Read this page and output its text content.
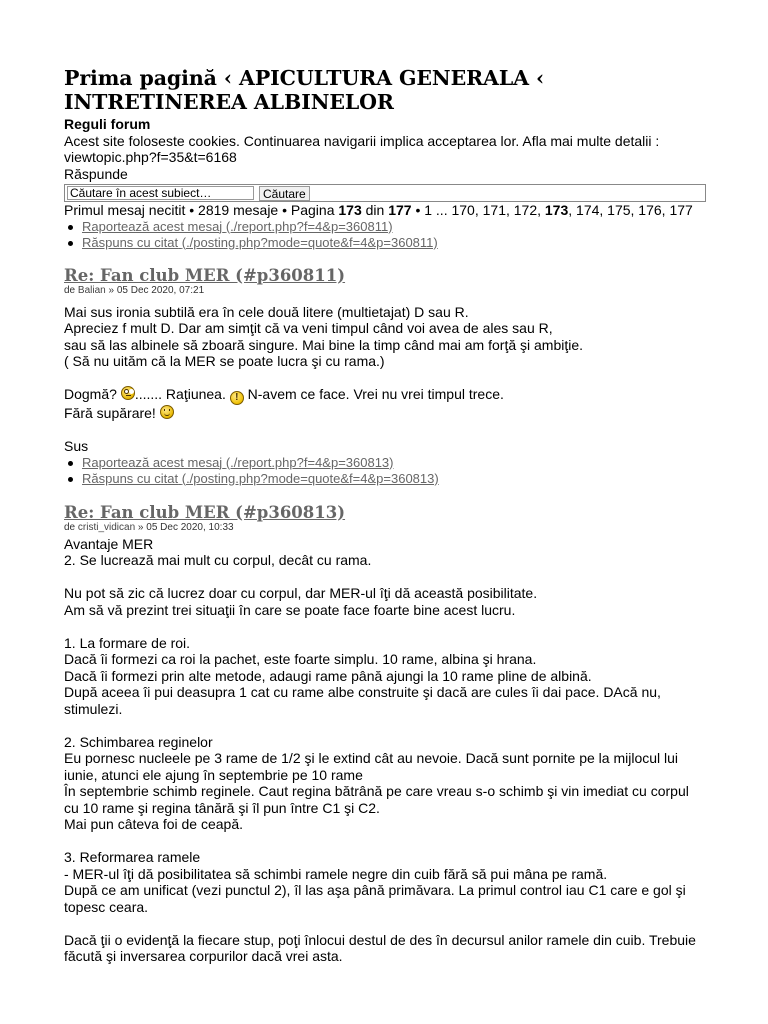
Prima pagină ‹ APICULTURA GENERALA ‹ INTRETINEREA ALBINELOR
Reguli forum
Acest site foloseste cookies. Continuarea navigarii implica acceptarea lor. Afla mai multe detalii : viewtopic.php?f=35&t=6168
Răspunde
Căutare în acest subiect…
Căutare
Primul mesaj necitit • 2819 mesaje • Pagina 173 din 177 • 1 ... 170, 171, 172, 173, 174, 175, 176, 177
Raportează acest mesaj (./report.php?f=4&p=360811)
Răspuns cu citat (./posting.php?mode=quote&f=4&p=360811)
Re: Fan club MER (#p360811)
de Balian » 05 Dec 2020, 07:21
Mai sus ironia subtilă era în cele două litere (multietajat) D sau R.
Apreciez f mult D. Dar am simţit că va veni timpul când voi avea de ales sau R,
sau să las albinele să zboară singure. Mai bine la timp când mai am forţă şi ambiţie.
( Să nu uităm că la MER se poate lucra şi cu rama.)
Dogmă? ....... Raţiunea. ! N-avem ce face. Vrei nu vrei timpul trece.
Fără supărare!
Sus
Raportează acest mesaj (./report.php?f=4&p=360813)
Răspuns cu citat (./posting.php?mode=quote&f=4&p=360813)
Re: Fan club MER (#p360813)
de cristi_vidican » 05 Dec 2020, 10:33
Avantaje MER
2. Se lucrează mai mult cu corpul, decât cu rama.
Nu pot să zic că lucrez doar cu corpul, dar MER-ul îţi dă această posibilitate.
Am să vă prezint trei situaţii în care se poate face foarte bine acest lucru.
1. La formare de roi.
Dacă îi formezi ca roi la pachet, este foarte simplu. 10 rame, albina şi hrana.
Dacă îi formezi prin alte metode, adaugi rame până ajungi la 10 rame pline de albină.
După aceea îi pui deasupra 1 cat cu rame albe construite şi dacă are cules îi dai pace. DAcă nu, stimulezi.
2. Schimbarea reginelor
Eu pornesc nucleele pe 3 rame de 1/2 şi le extind cât au nevoie. Dacă sunt pornite pe la mijlocul lui iunie, atunci ele ajung în septembrie pe 10 rame
În septembrie schimb reginele. Caut regina bătrână pe care vreau s-o schimb şi vin imediat cu corpul cu 10 rame şi regina tânără şi îl pun între C1 şi C2.
Mai pun câteva foi de ceapă.
3. Reformarea ramele
- MER-ul îţi dă posibilitatea să schimbi ramele negre din cuib fără să pui mâna pe ramă.
După ce am unificat (vezi punctul 2), îl las aşa până primăvara. La primul control iau C1 care e gol şi topesc ceara.
Dacă ţii o evidenţă la fiecare stup, poţi înlocui destul de des în decursul anilor ramele din cuib. Trebuie făcută şi inversarea corpurilor dacă vrei asta.
